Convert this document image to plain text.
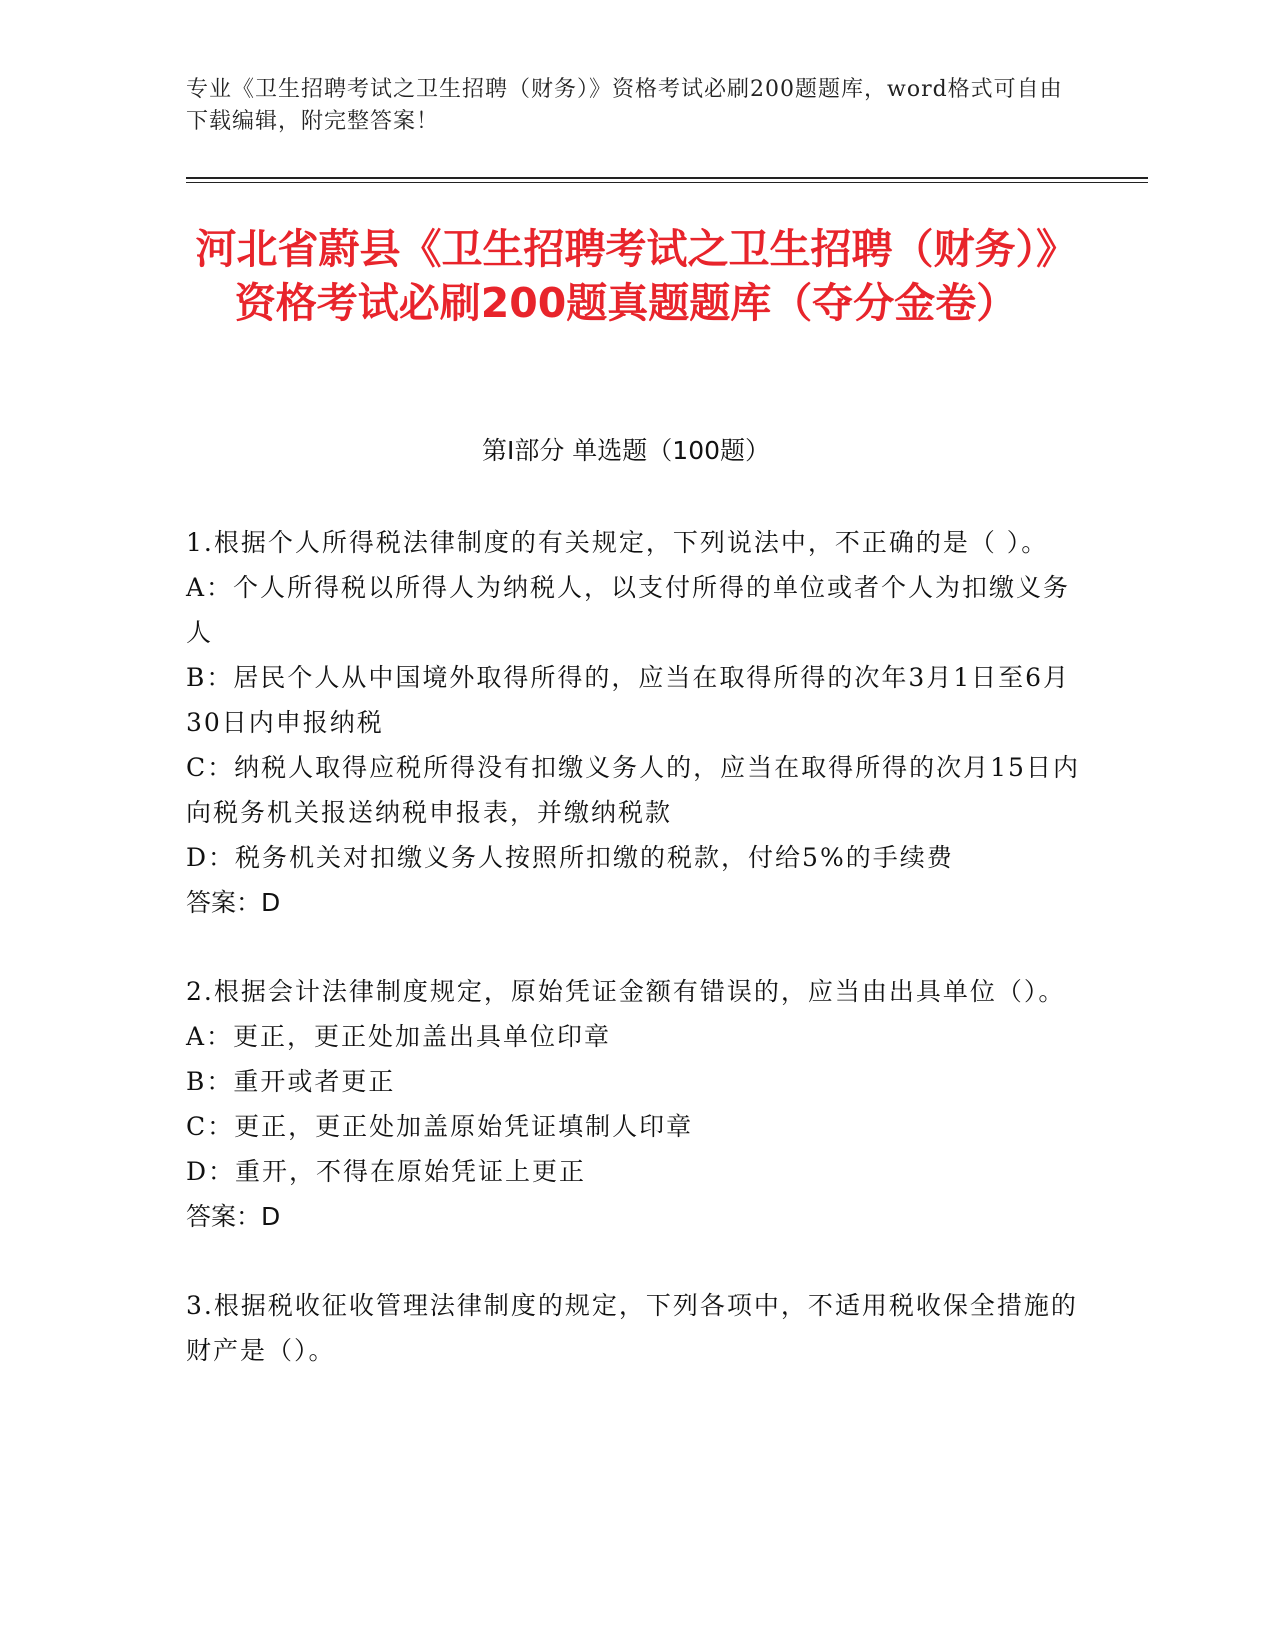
专业《卫生招聘考试之卫生招聘（财务）》资格考试必刷200题题库，word格式可自由下载编辑，附完整答案！
河北省蔚县《卫生招聘考试之卫生招聘（财务）》资格考试必刷200题真题题库（夺分金卷）
第Ⅰ部分 单选题（100题）

1.根据个人所得税法律制度的有关规定，下列说法中，不正确的是（ ）。

A：个人所得税以所得人为纳税人，以支付所得的单位或者个人为扣缴义务人

B：居民个人从中国境外取得所得的，应当在取得所得的次年3月1日至6月30日内申报纳税

C：纳税人取得应税所得没有扣缴义务人的，应当在取得所得的次月15日内向税务机关报送纳税申报表，并缴纳税款

D：税务机关对扣缴义务人按照所扣缴的税款，付给5%的手续费

答案：D

2.根据会计法律制度规定，原始凭证金额有错误的，应当由出具单位（）。

A：更正，更正处加盖出具单位印章

B：重开或者更正

C：更正，更正处加盖原始凭证填制人印章

D：重开，不得在原始凭证上更正

答案：D

3.根据税收征收管理法律制度的规定，下列各项中，不适用税收保全措施的财产是（）。
